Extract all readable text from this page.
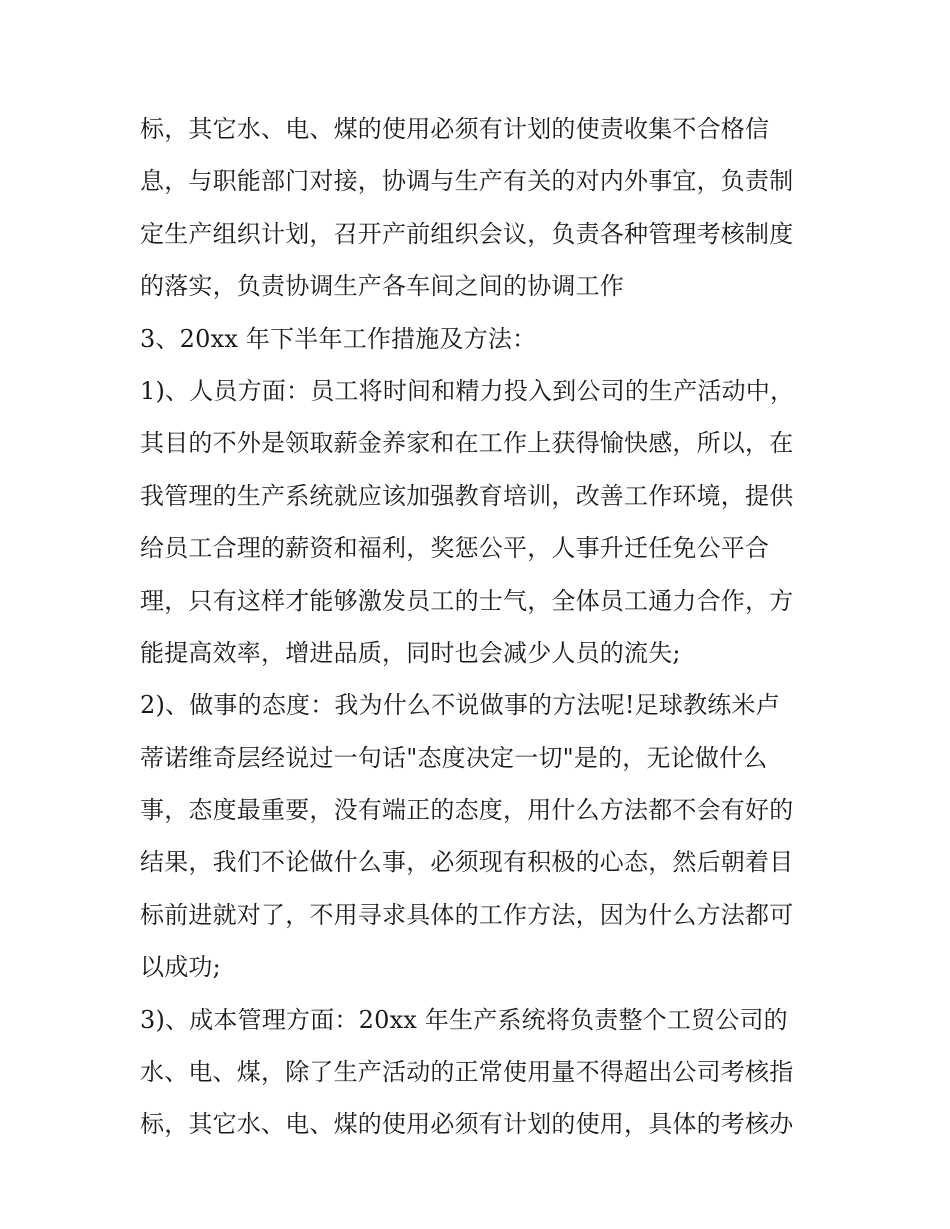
标，其它水、电、煤的使用必须有计划的使责收集不合格信
息，与职能部门对接，协调与生产有关的对内外事宜，负责制
定生产组织计划，召开产前组织会议，负责各种管理考核制度
的落实，负责协调生产各车间之间的协调工作
3、20xx 年下半年工作措施及方法：
1)、人员方面：员工将时间和精力投入到公司的生产活动中，
其目的不外是领取薪金养家和在工作上获得愉快感，所以，在
我管理的生产系统就应该加强教育培训，改善工作环境，提供
给员工合理的薪资和福利，奖惩公平，人事升迁任免公平合
理，只有这样才能够激发员工的士气，全体员工通力合作，方
能提高效率，增进品质，同时也会减少人员的流失;
2)、做事的态度：我为什么不说做事的方法呢!足球教练米卢
蒂诺维奇层经说过一句话"态度决定一切"是的，无论做什么
事，态度最重要，没有端正的态度，用什么方法都不会有好的
结果，我们不论做什么事，必须现有积极的心态，然后朝着目
标前进就对了，不用寻求具体的工作方法，因为什么方法都可
以成功;
3)、成本管理方面：20xx 年生产系统将负责整个工贸公司的
水、电、煤，除了生产活动的正常使用量不得超出公司考核指
标，其它水、电、煤的使用必须有计划的使用，具体的考核办
